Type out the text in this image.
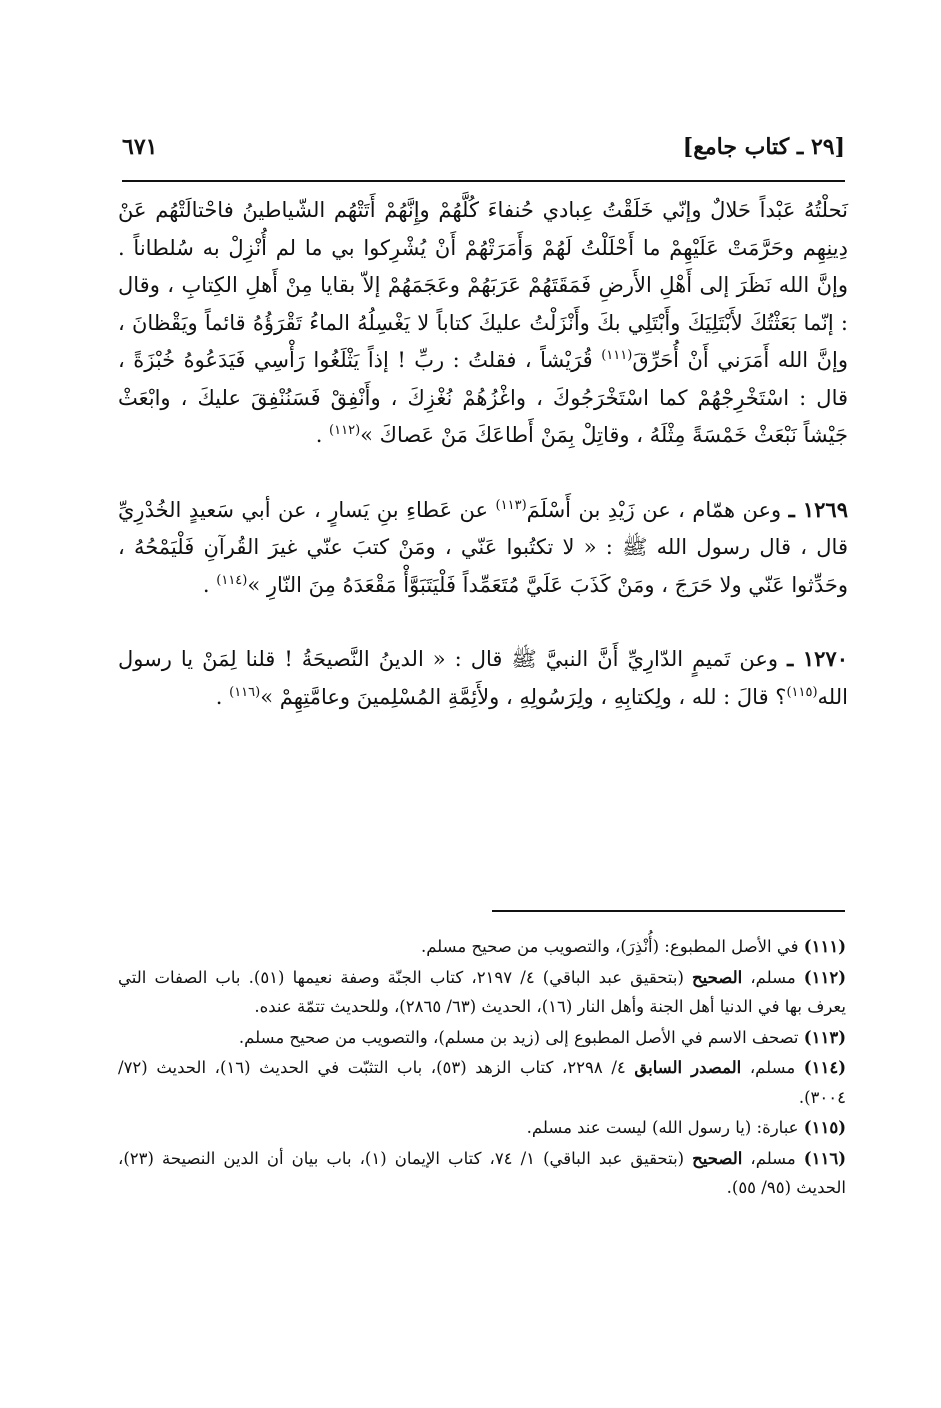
[٢٩ ـ كتاب جامع]
٦٧١

نَحلْتُهُ عَبْداً حَلالٌ وإنّي خَلَقْتُ عِبادي حُنفاءَ كُلَّهُمْ وإِنَّهُمْ أَتَتْهُم الشّياطينُ فاحْتالَتْهُم عَنْ دِينِهِم وحَرَّمَتْ عَلَيْهِمْ ما أَحْلَلْتُ لَهُمْ وَأَمَرَتْهُمْ أَنْ يُشْرِكوا بي ما لم أُنْزِلْ به سُلطاناً . وإنَّ الله نَظَرَ إلى أَهْلِ الأَرضِ فَمَقَتَهُمْ عَرَبَهُمْ وعَجَمَهُمْ إلاّ بقايا مِنْ أَهلِ الكِتابِ ، وقال : إنّما بَعَثْتُكَ لأَبْتَلِيَكَ وأَبْتَلِي بكَ وأَنْزَلْتُ عليكَ كتاباً لا يَغْسِلُهُ الماءُ تَقْرَؤُهُ قائماً ويَقْظانَ ، وإنَّ الله أَمَرَني أَنْ أُحَرِّقَ$^{(١١١)}$ قُرَيْشاً ، فقلتُ : ربِّ ! إذاً يَثْلَغُوا رَأْسِي فَيَدَعُوهُ خُبْزَةً ، قال : اسْتَخْرِجْهُمْ كما اسْتَخْرَجُوكَ ، واغْزُهُمْ نُغْزِكَ ، وأَنْفِقْ فَسَنُنْفِقَ عليكَ ، وابْعَثْ جَيْشاً نَبْعَثْ خَمْسَةً مِثْلَهُ ، وقاتِلْ بِمَنْ أَطاعَكَ مَنْ عَصاكَ »$^{(١١٢)}$ .

١٢٦٩ ـ وعن همّام ، عن زَيْدِ بن أَسْلَمَ$^{(١١٣)}$ عن عَطاءِ بنِ يَسارٍ ، عن أبي سَعيدٍ الخُدْرِيِّ قال ، قال رسول الله ﷺ : « لا تكتُبوا عَنّي ، ومَنْ كتبَ عنّي غيرَ القُرآنِ فَلْيَمْحُهُ ، وحَدِّثوا عَنّي ولا حَرَجَ ، ومَنْ كَذَبَ عَلَيَّ مُتَعَمِّداً فَلْيَتَبَوَّأْ مَقْعَدَهُ مِنَ النّارِ »$^{(١١٤)}$ .

١٢٧٠ ـ وعن تَميمٍ الدّارِيِّ أَنَّ النبيَّ ﷺ قال : « الدينُ النَّصيحَةُ ! قلنا لِمَنْ يا رسول الله$^{(١١٥)}$؟ قالَ : لله ، ولِكتابِهِ ، ولِرَسُولِهِ ، ولأَئِمَّةِ المُسْلِمينَ وعامَّتِهِمْ »$^{(١١٦)}$ .

(١١١) في الأصل المطبوع: (أُنْذِرَ)، والتصويب من صحيح مسلم.

(١١٢) مسلم، الصحيح (بتحقيق عبد الباقي) ٤/ ٢١٩٧، كتاب الجنّة وصفة نعيمها (٥١). باب الصفات التي يعرف بها في الدنيا أهل الجنة وأهل النار (١٦)، الحديث (٦٣/ ٢٨٦٥)، وللحديث تتمّة عنده.

(١١٣) تصحف الاسم في الأصل المطبوع إلى (زيد بن مسلم)، والتصويب من صحيح مسلم.

(١١٤) مسلم، المصدر السابق ٤/ ٢٢٩٨، كتاب الزهد (٥٣)، باب التثبّت في الحديث (١٦)، الحديث (٧٢/ ٣٠٠٤).

(١١٥) عبارة: (يا رسول الله) ليست عند مسلم.

(١١٦) مسلم، الصحيح (بتحقيق عبد الباقي) ١/ ٧٤، كتاب الإيمان (١)، باب بيان أن الدين النصيحة (٢٣)، الحديث (٩٥/ ٥٥).
